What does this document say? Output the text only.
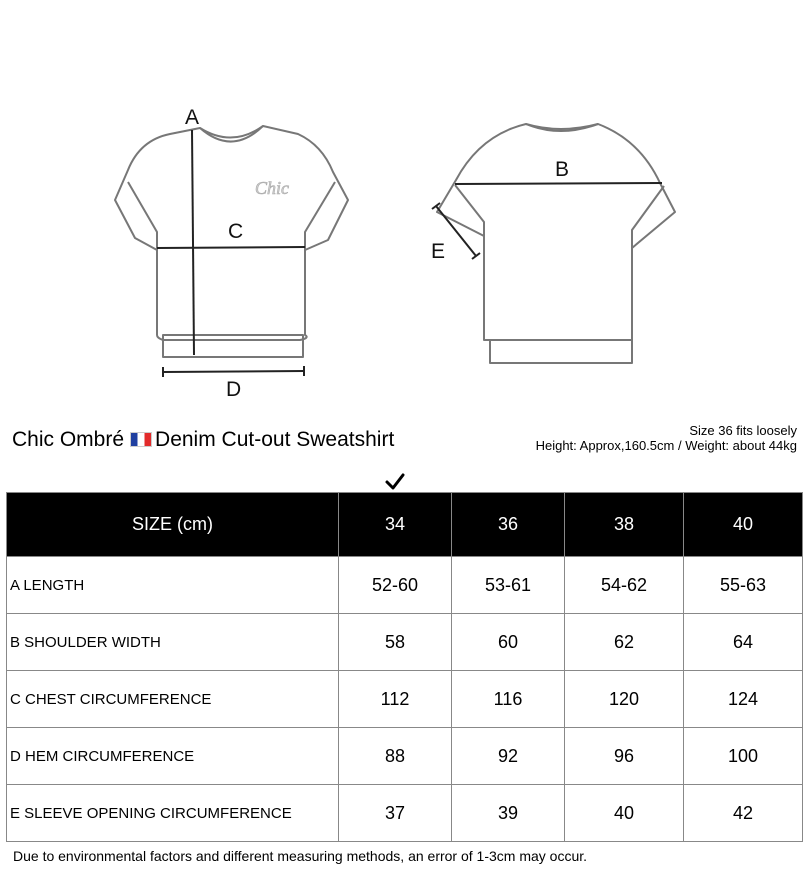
A
C
D
Chic
B
E
Chic Ombré Denim Cut-out Sweatshirt	Size 36 fits loosely
Height: Approx,160.5cm / Weight: about 44kg
SIZE (cm)	34	36	38	40
A LENGTH	52-60	53-61	54-62	55-63
B SHOULDER WIDTH	58	60	62	64
C CHEST CIRCUMFERENCE	112	116	120	124
D HEM CIRCUMFERENCE	88	92	96	100
E SLEEVE OPENING CIRCUMFERENCE	37	39	40	42
Due to environmental factors and different measuring methods, an error of 1-3cm may occur.
